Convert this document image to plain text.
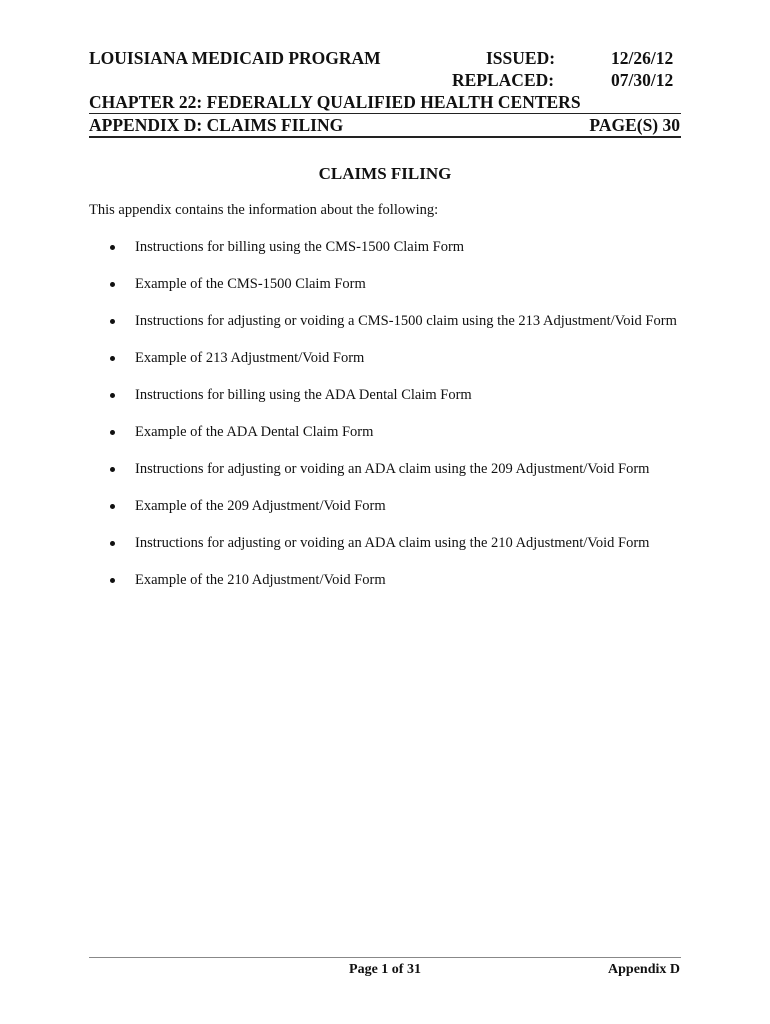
LOUISIANA MEDICAID PROGRAM	ISSUED:	12/26/12
REPLACED:	07/30/12
CHAPTER 22: FEDERALLY QUALIFIED HEALTH CENTERS
APPENDIX D: CLAIMS FILING	PAGE(S) 30
CLAIMS FILING
This appendix contains the information about the following:
Instructions for billing using the CMS-1500 Claim Form
Example of the CMS-1500 Claim Form
Instructions for adjusting or voiding a CMS-1500 claim using the 213 Adjustment/Void Form
Example of 213 Adjustment/Void Form
Instructions for billing using the ADA Dental Claim Form
Example of the ADA Dental Claim Form
Instructions for adjusting or voiding an ADA claim using the 209 Adjustment/Void Form
Example of the 209 Adjustment/Void Form
Instructions for adjusting or voiding an ADA claim using the 210 Adjustment/Void Form
Example of the 210 Adjustment/Void Form
Page 1 of 31	Appendix D
